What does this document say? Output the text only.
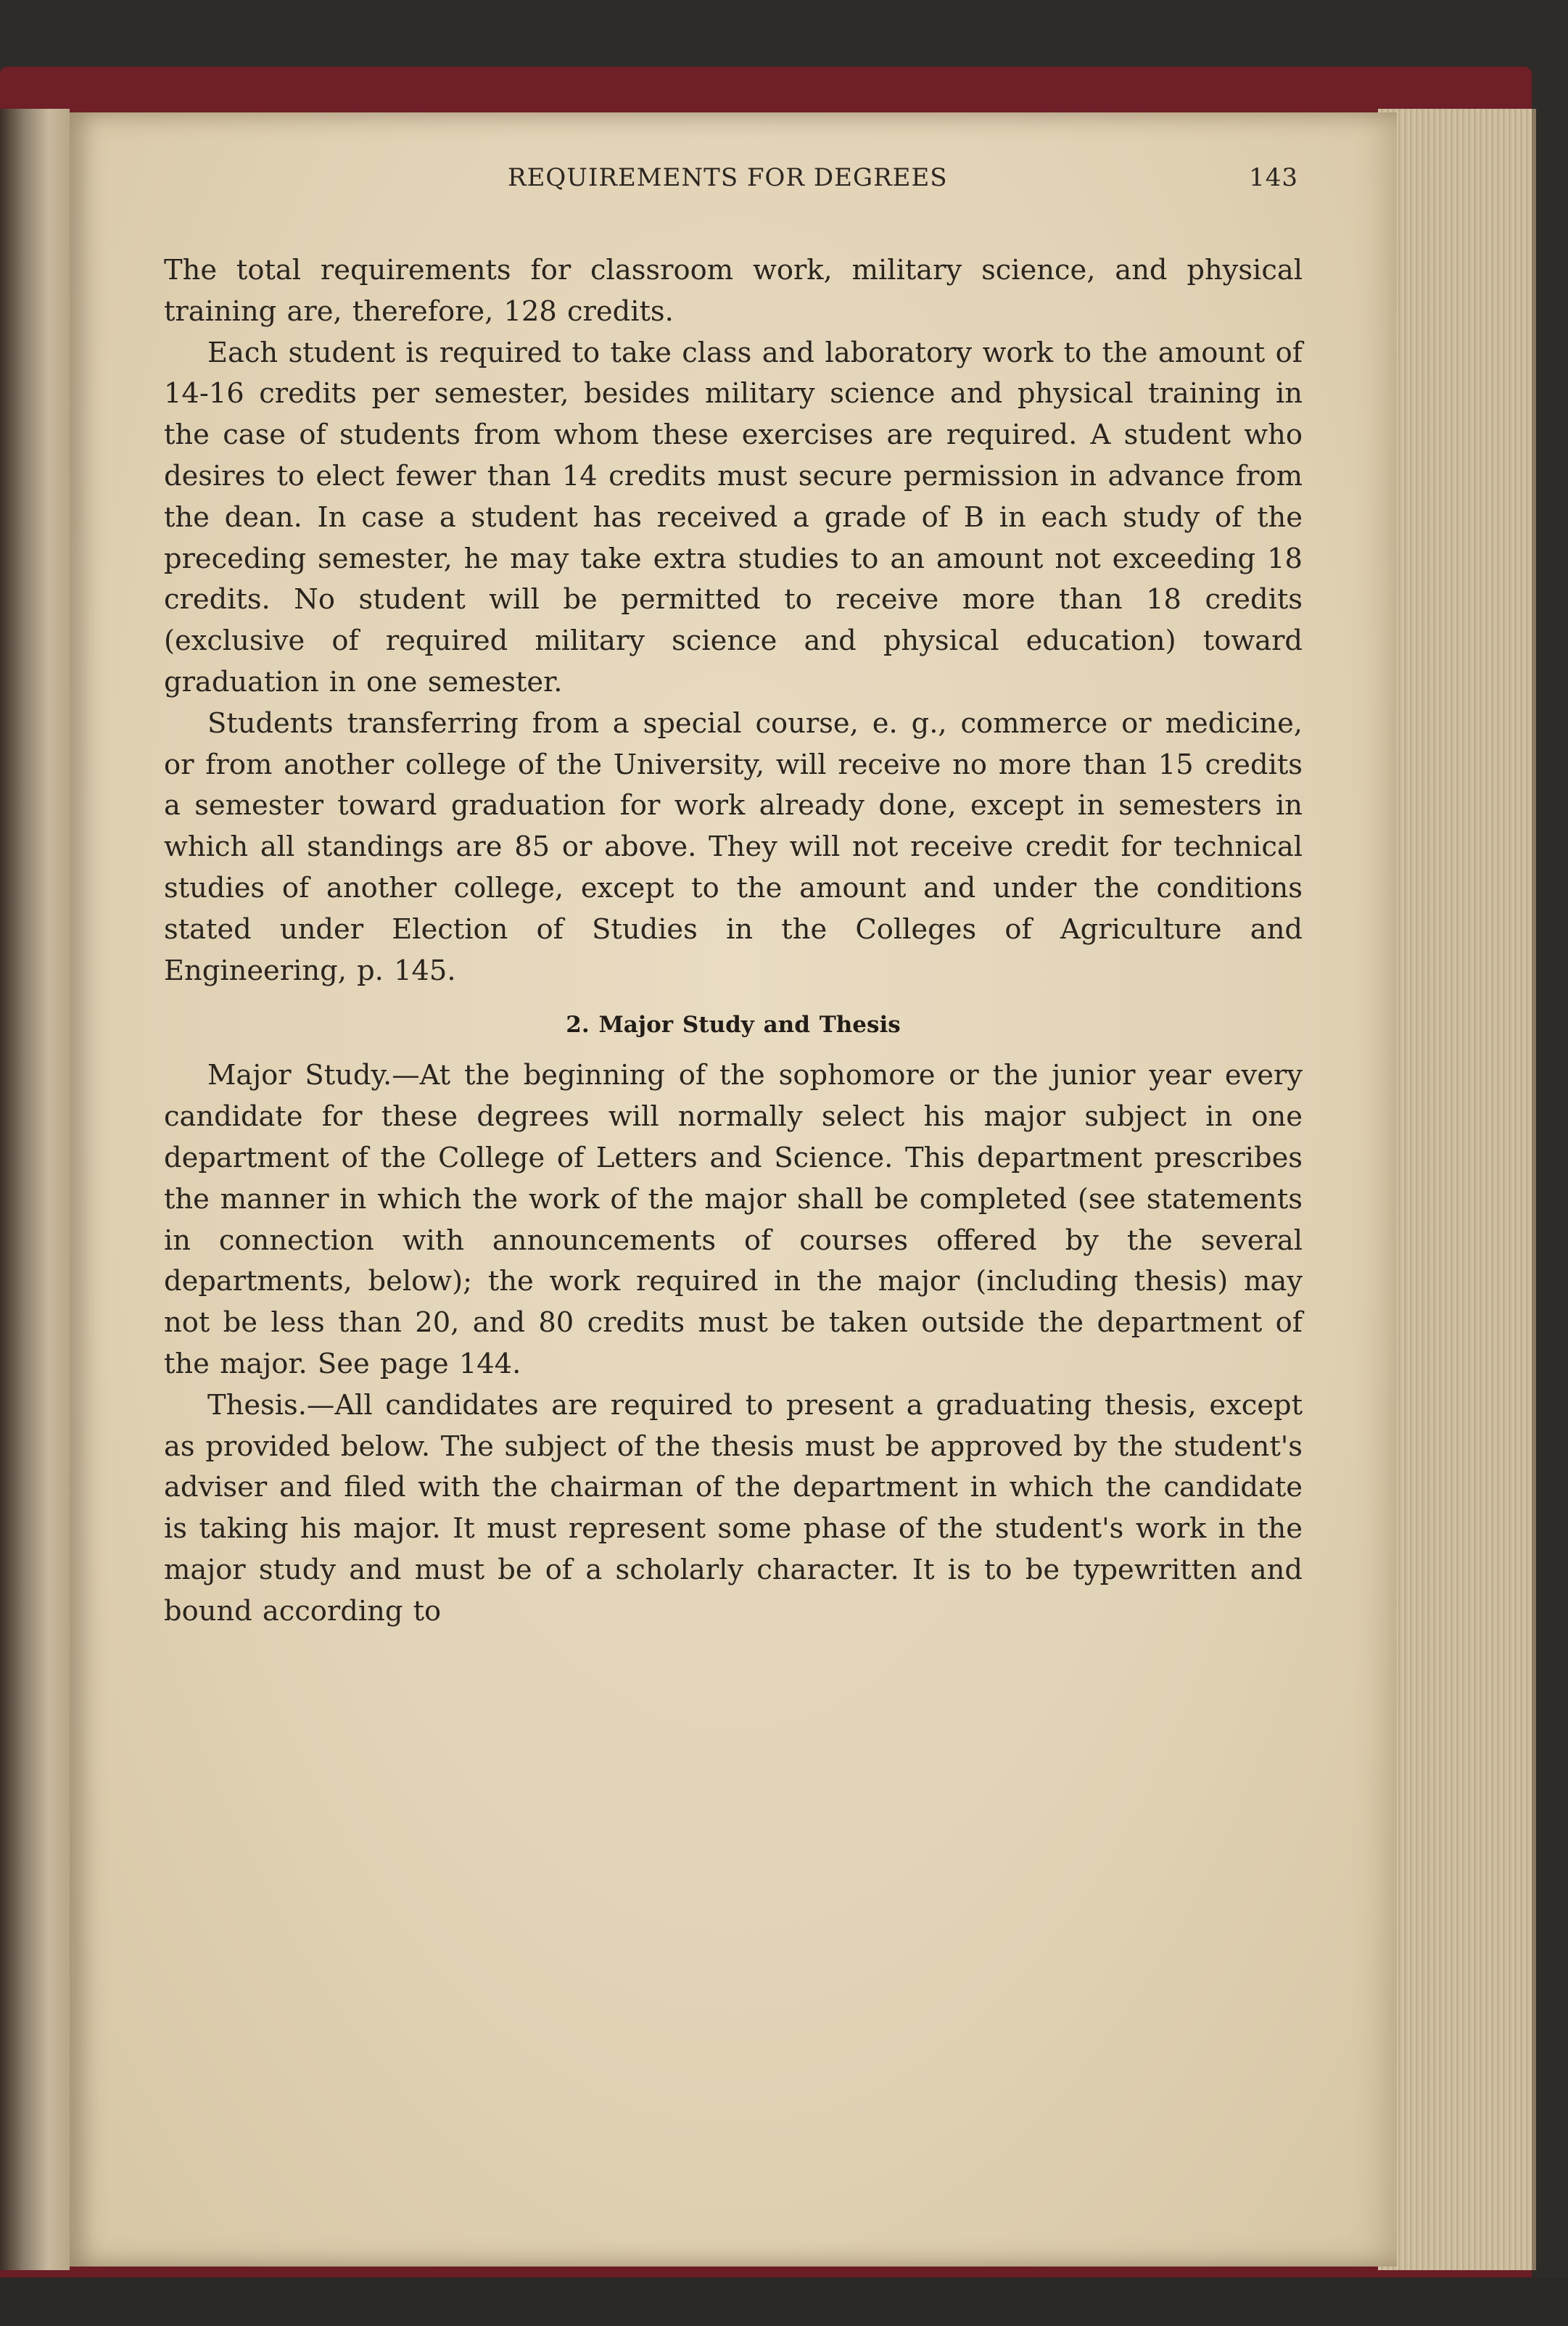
REQUIREMENTS FOR DEGREES	143

The total requirements for classroom work, military science, and physical training are, therefore, 128 credits.

Each student is required to take class and laboratory work to the amount of 14-16 credits per semester, besides military science and physical training in the case of students from whom these exercises are required. A student who desires to elect fewer than 14 credits must secure permission in advance from the dean. In case a student has received a grade of B in each study of the preceding semester, he may take extra studies to an amount not exceeding 18 credits. No student will be permitted to receive more than 18 credits (exclusive of required military science and physical education) toward graduation in one semester.

Students transferring from a special course, e. g., commerce or medicine, or from another college of the University, will receive no more than 15 credits a semester toward graduation for work already done, except in semesters in which all standings are 85 or above. They will not receive credit for technical studies of another college, except to the amount and under the conditions stated under Election of Studies in the Colleges of Agriculture and Engineering, p. 145.

2. Major Study and Thesis

Major Study.—At the beginning of the sophomore or the junior year every candidate for these degrees will normally select his major subject in one department of the College of Letters and Science. This department prescribes the manner in which the work of the major shall be completed (see statements in connection with announcements of courses offered by the several departments, below); the work required in the major (including thesis) may not be less than 20, and 80 credits must be taken outside the department of the major. See page 144.

Thesis.—All candidates are required to present a graduating thesis, except as provided below. The subject of the thesis must be approved by the student's adviser and filed with the chairman of the department in which the candidate is taking his major. It must represent some phase of the student's work in the major study and must be of a scholarly character. It is to be typewritten and bound according to
